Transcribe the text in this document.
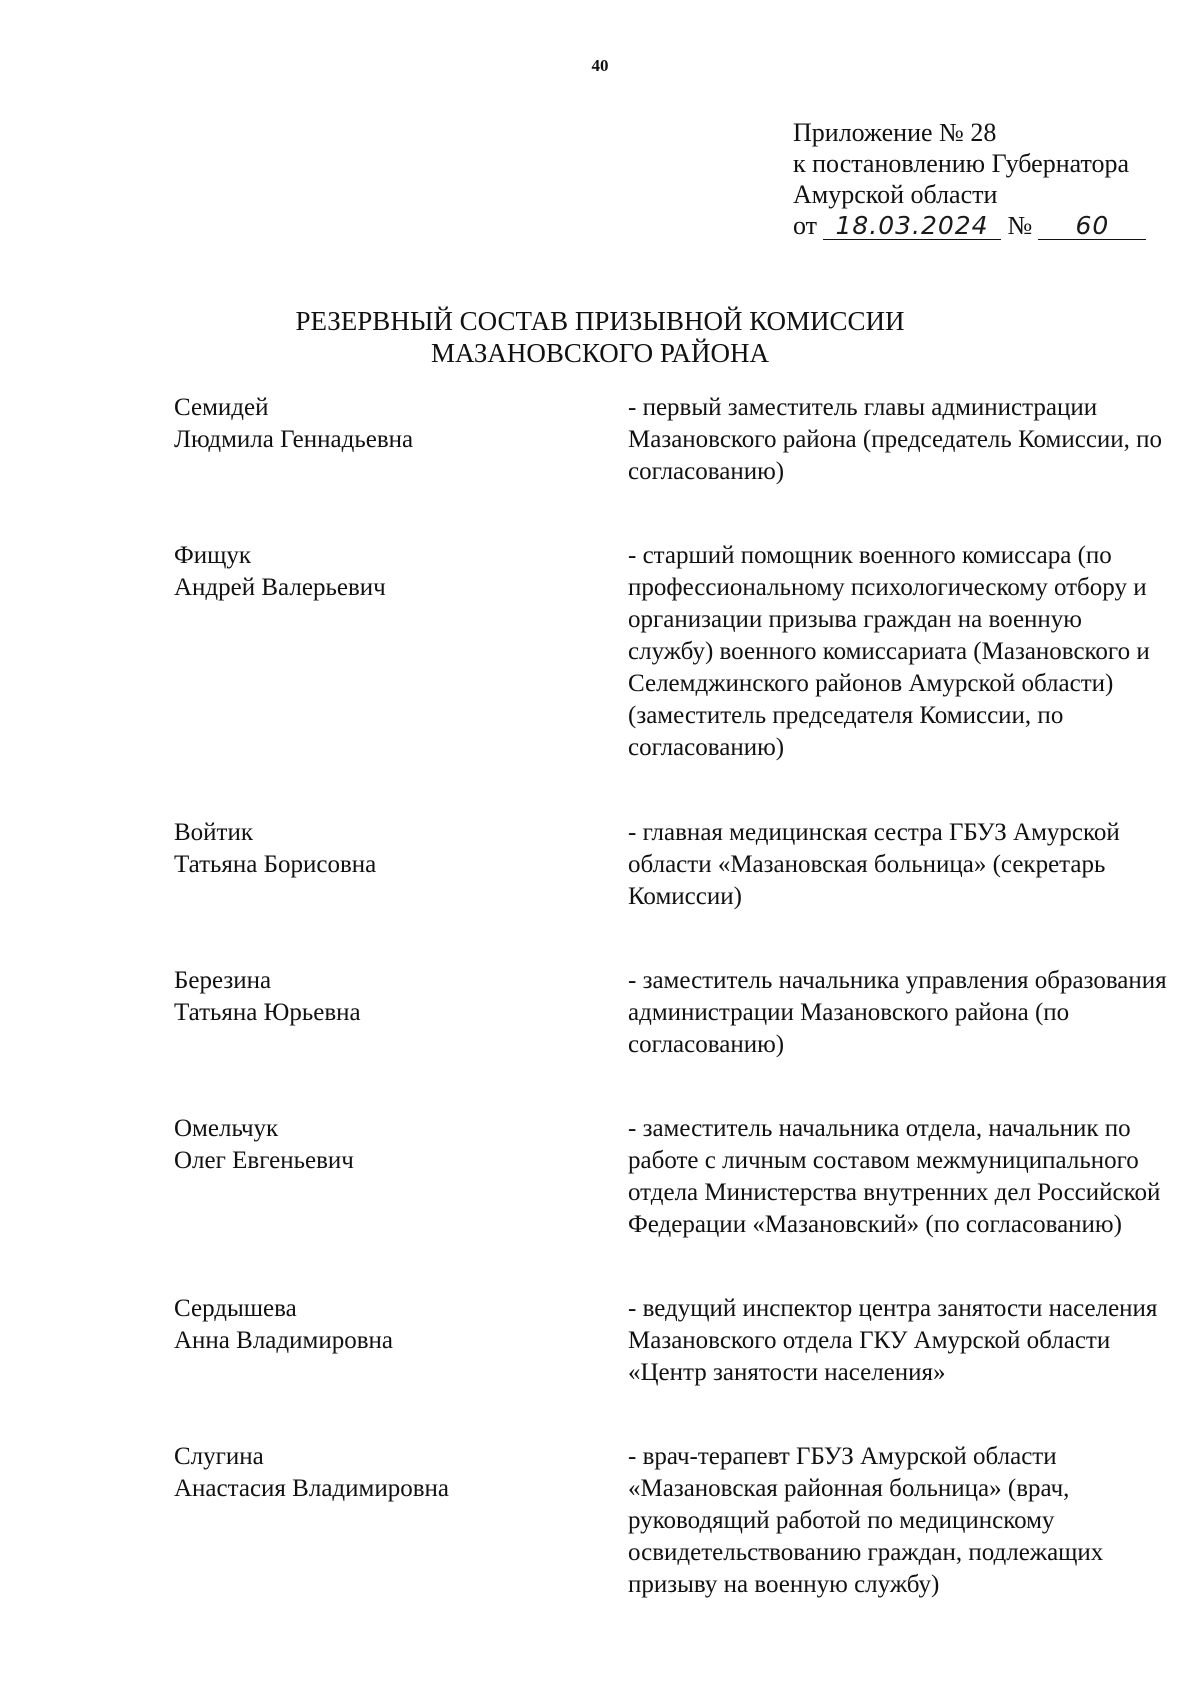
40
Приложение № 28
к постановлению Губернатора
Амурской области
от 18.03.2024 № 60
РЕЗЕРВНЫЙ СОСТАВ ПРИЗЫВНОЙ КОМИССИИ
МАЗАНОВСКОГО РАЙОНА
Семидей
Людмила Геннадьевна
- первый заместитель главы администрации Мазановского района (председатель Комиссии, по согласованию)
Фищук
Андрей Валерьевич
- старший помощник военного комиссара (по профессиональному психологическому отбору и организации призыва граждан на военную службу) военного комиссариата (Мазановского и Селемджинского районов Амурской области) (заместитель председателя Комиссии, по согласованию)
Войтик
Татьяна Борисовна
- главная медицинская сестра ГБУЗ Амурской области «Мазановская больница» (секретарь Комиссии)
Березина
Татьяна Юрьевна
- заместитель начальника управления образования администрации Мазановского района (по согласованию)
Омельчук
Олег Евгеньевич
- заместитель начальника отдела, начальник по работе с личным составом межмуниципального отдела Министерства внутренних дел Российской Федерации «Мазановский» (по согласованию)
Сердышева
Анна Владимировна
- ведущий инспектор центра занятости населения Мазановского отдела ГКУ Амурской области «Центр занятости населения»
Слугина
Анастасия Владимировна
- врач-терапевт ГБУЗ Амурской области «Мазановская районная больница» (врач, руководящий работой по медицинскому освидетельствованию граждан, подлежащих призыву на военную службу)
